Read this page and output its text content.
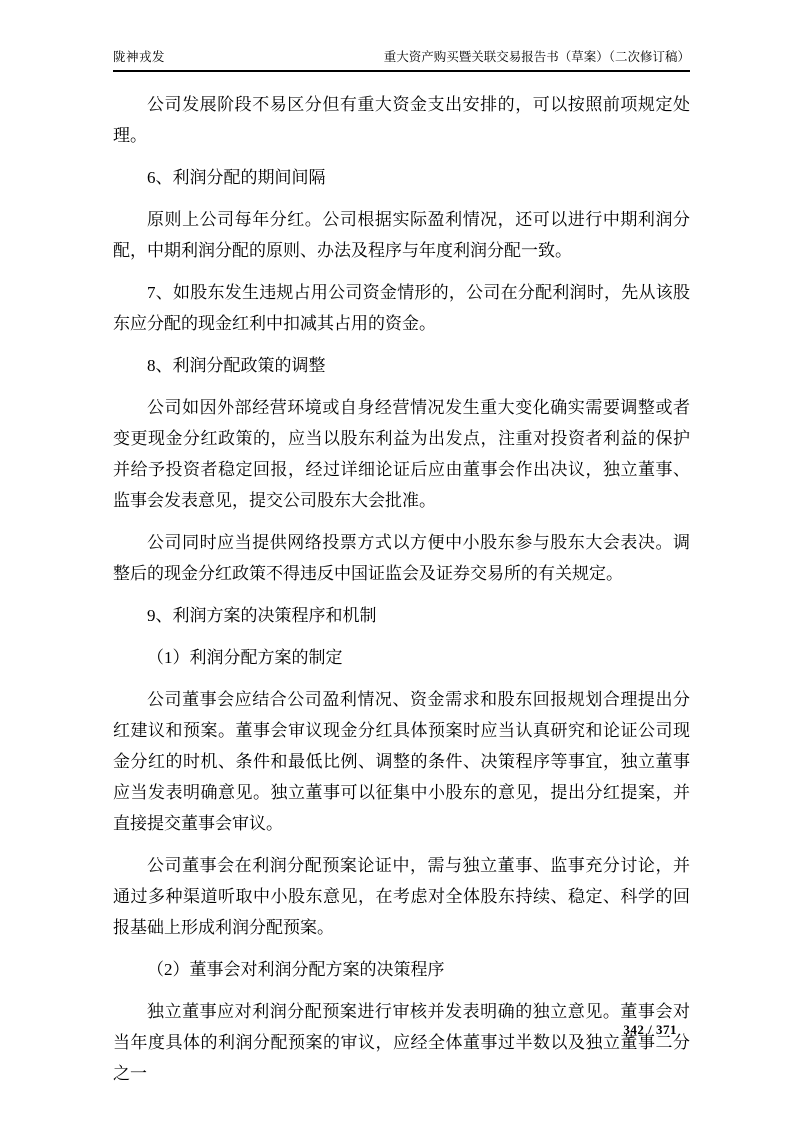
陇神戎发	重大资产购买暨关联交易报告书（草案）（二次修订稿）

公司发展阶段不易区分但有重大资金支出安排的，可以按照前项规定处理。

6、利润分配的期间间隔

原则上公司每年分红。公司根据实际盈利情况，还可以进行中期利润分配，中期利润分配的原则、办法及程序与年度利润分配一致。

7、如股东发生违规占用公司资金情形的，公司在分配利润时，先从该股东应分配的现金红利中扣减其占用的资金。

8、利润分配政策的调整

公司如因外部经营环境或自身经营情况发生重大变化确实需要调整或者变更现金分红政策的，应当以股东利益为出发点，注重对投资者利益的保护并给予投资者稳定回报，经过详细论证后应由董事会作出决议，独立董事、监事会发表意见，提交公司股东大会批准。

公司同时应当提供网络投票方式以方便中小股东参与股东大会表决。调整后的现金分红政策不得违反中国证监会及证券交易所的有关规定。

9、利润方案的决策程序和机制

（1）利润分配方案的制定

公司董事会应结合公司盈利情况、资金需求和股东回报规划合理提出分红建议和预案。董事会审议现金分红具体预案时应当认真研究和论证公司现金分红的时机、条件和最低比例、调整的条件、决策程序等事宜，独立董事应当发表明确意见。独立董事可以征集中小股东的意见，提出分红提案，并直接提交董事会审议。

公司董事会在利润分配预案论证中，需与独立董事、监事充分讨论，并通过多种渠道听取中小股东意见，在考虑对全体股东持续、稳定、科学的回报基础上形成利润分配预案。

（2）董事会对利润分配方案的决策程序

独立董事应对利润分配预案进行审核并发表明确的独立意见。董事会对当年度具体的利润分配预案的审议，应经全体董事过半数以及独立董事二分之一

342 / 371
